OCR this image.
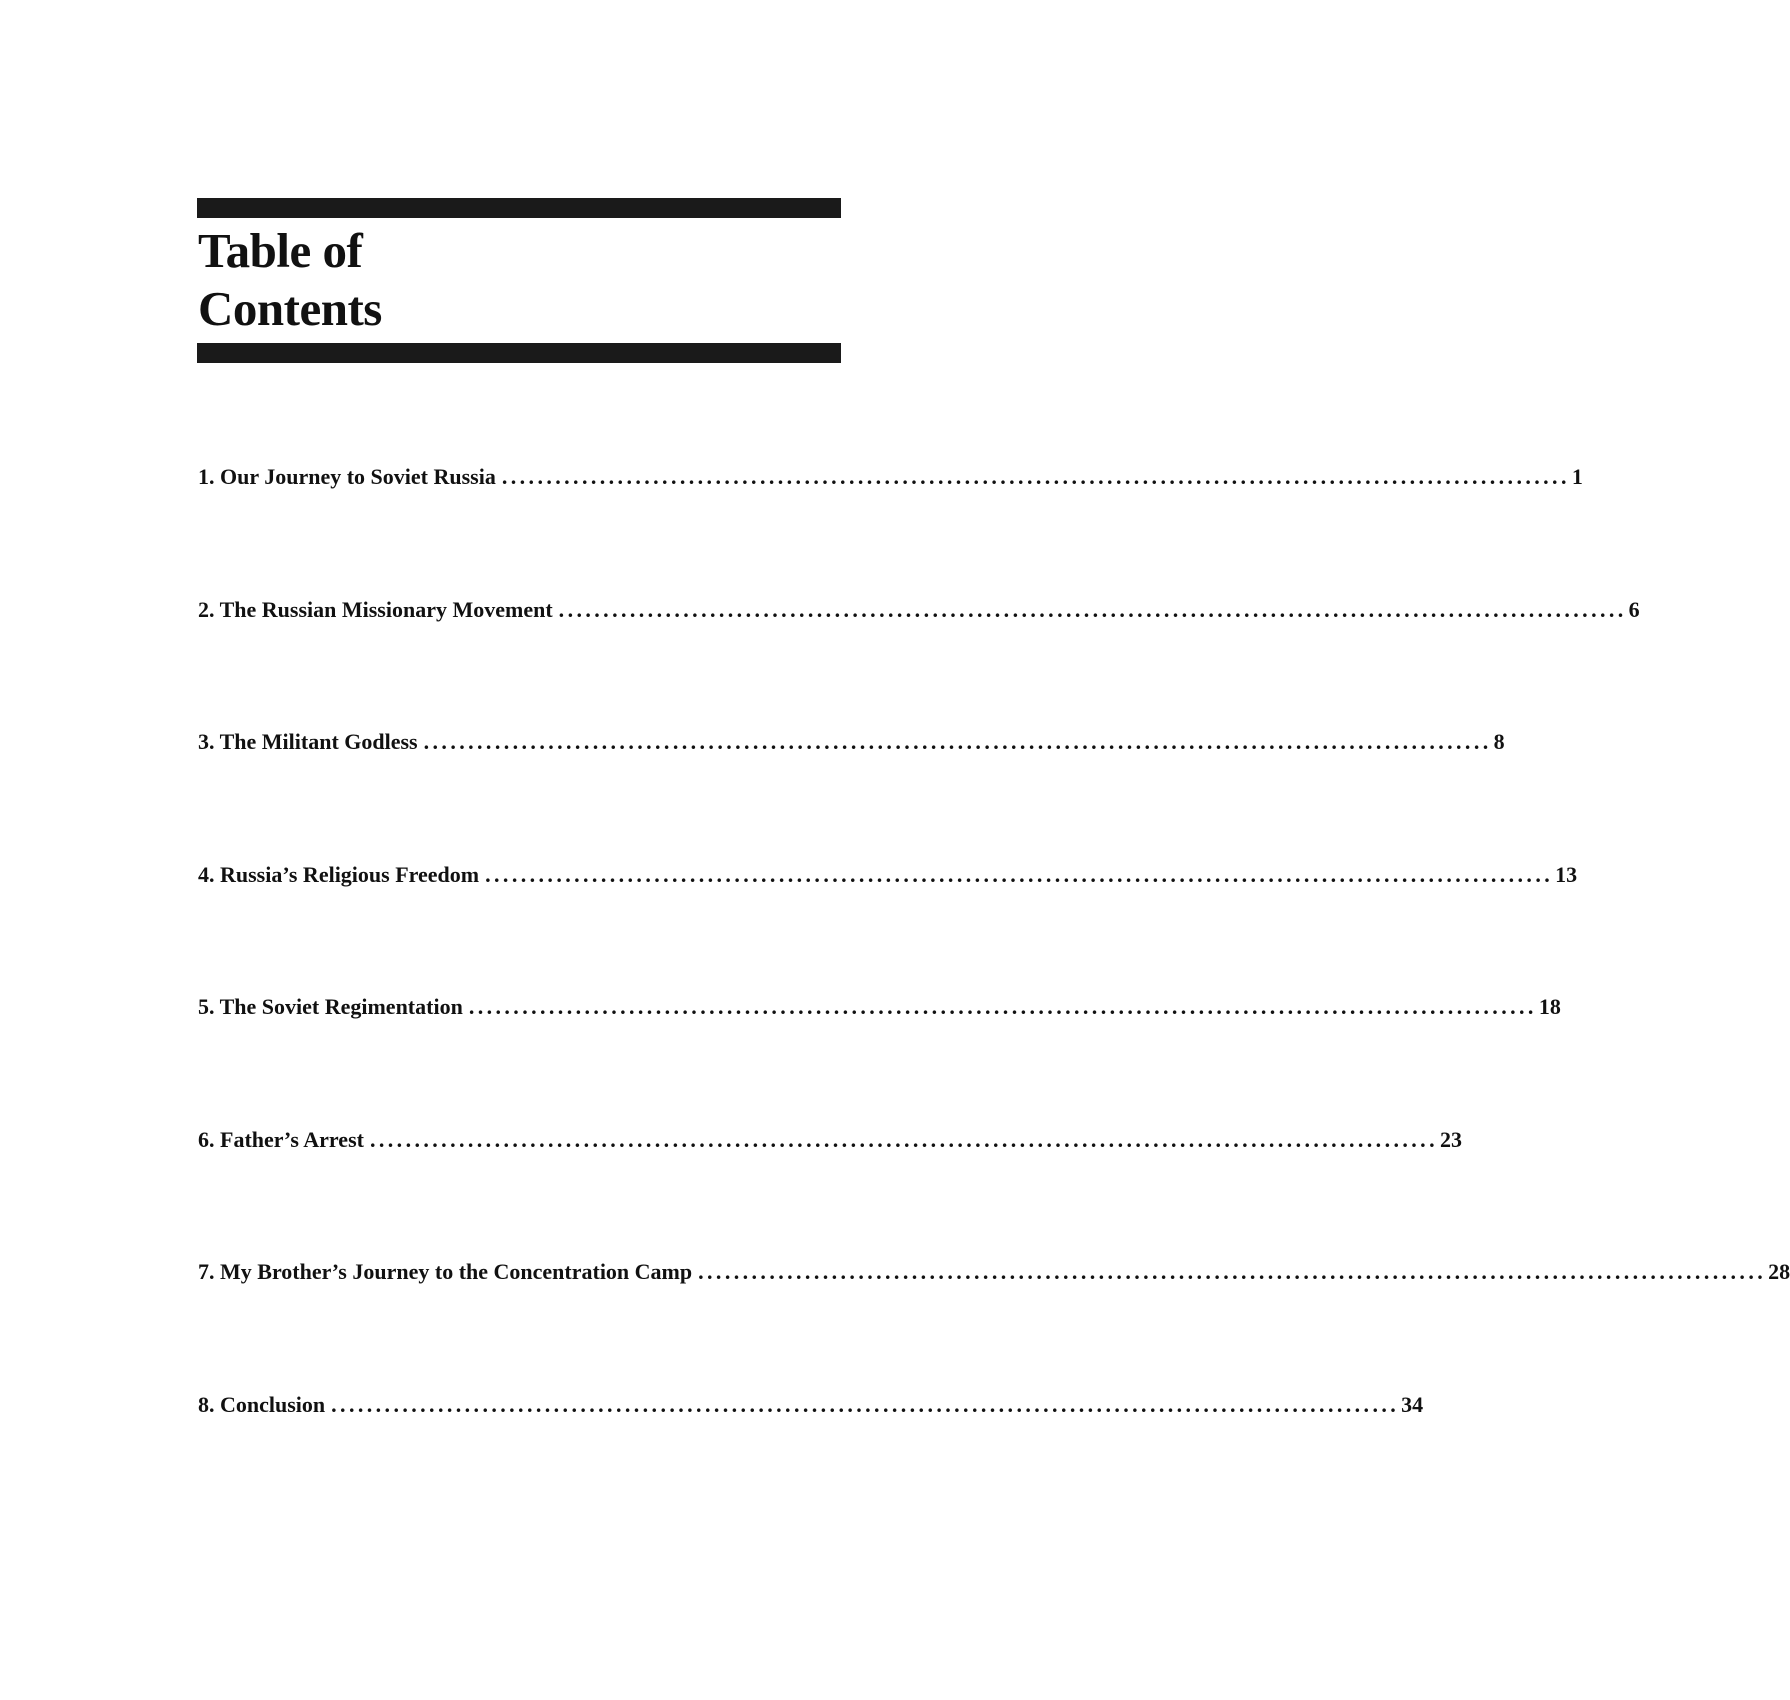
Table of
Contents
1. Our Journey to Soviet Russia ........................................................................................................................ 1
2. The Russian Missionary Movement ........................................................................................................................ 6
3. The Militant Godless ........................................................................................................................ 8
4. Russia’s Religious Freedom ........................................................................................................................ 13
5. The Soviet Regimentation ........................................................................................................................ 18
6. Father’s Arrest ........................................................................................................................ 23
7. My Brother’s Journey to the Concentration Camp ........................................................................................................................ 28
8. Conclusion ........................................................................................................................ 34
